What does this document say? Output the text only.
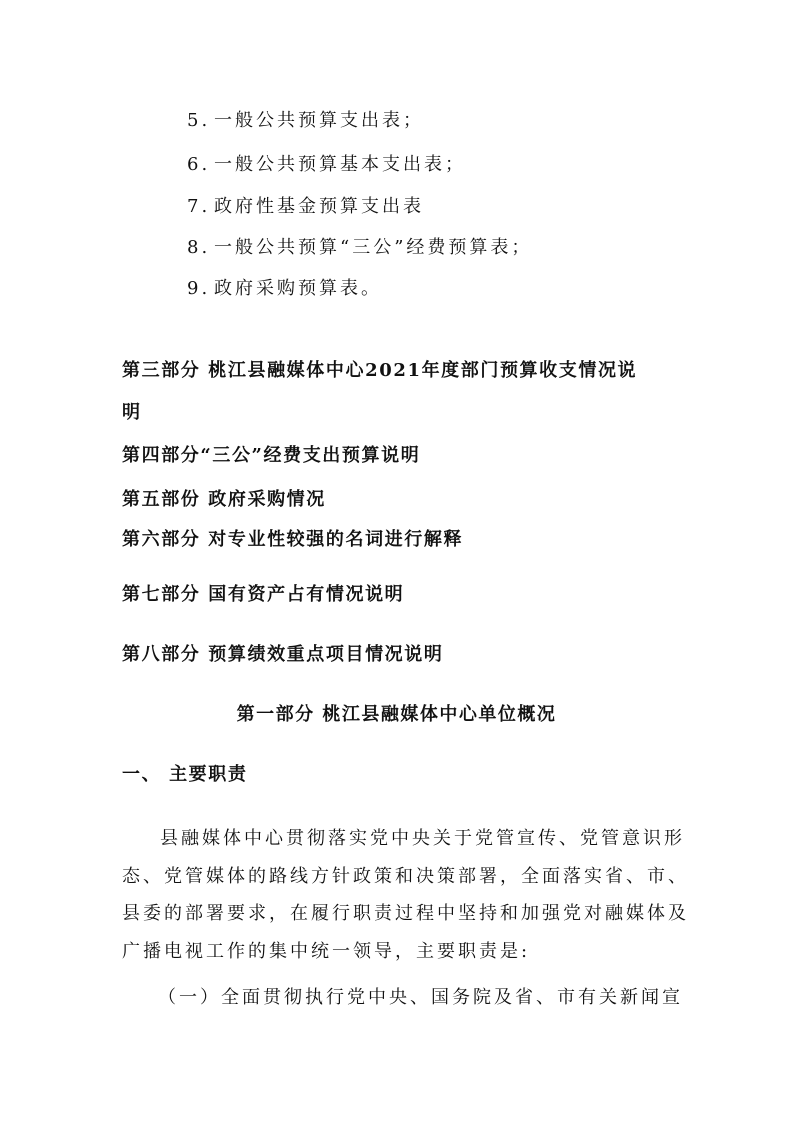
5. 一般公共预算支出表；
6. 一般公共预算基本支出表；
7. 政府性基金预算支出表
8. 一般公共预算“三公”经费预算表；
9. 政府采购预算表。
第三部分 桃江县融媒体中心2021年度部门预算收支情况说
明
第四部分“三公”经费支出预算说明
第五部份 政府采购情况
第六部分 对专业性较强的名词进行解释
第七部分 国有资产占有情况说明
第八部分 预算绩效重点项目情况说明
第一部分 桃江县融媒体中心单位概况
一、 主要职责
县融媒体中心贯彻落实党中央关于党管宣传、党管意识形
态、党管媒体的路线方针政策和决策部署，全面落实省、市、
县委的部署要求，在履行职责过程中坚持和加强党对融媒体及
广播电视工作的集中统一领导，主要职责是:
（一）全面贯彻执行党中央、国务院及省、市有关新闻宣
